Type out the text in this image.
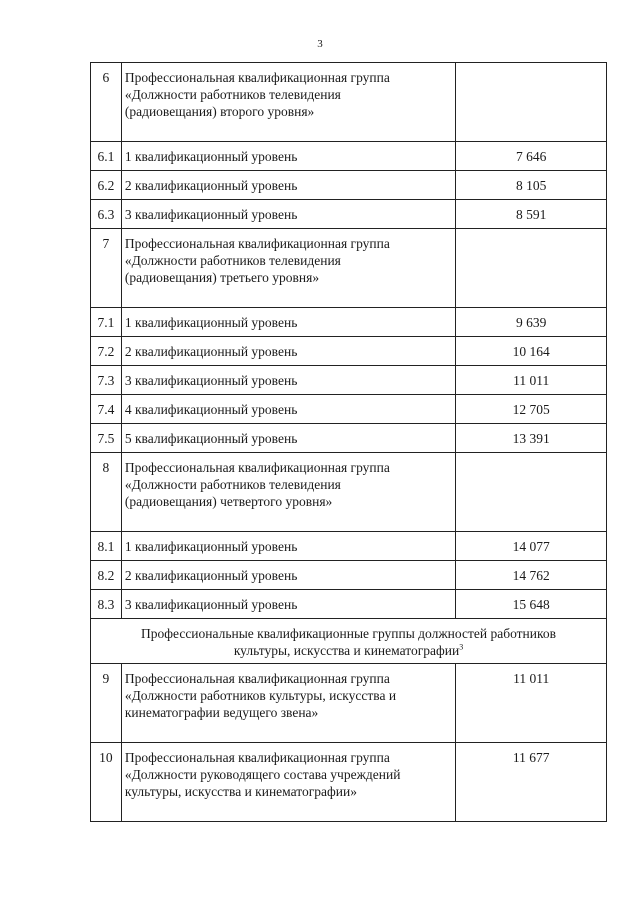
3
6	Профессиональная квалификационная группа
«Должности работников телевидения
(радиовещания) второго уровня»	

6.1	1 квалификационный уровень	7 646
6.2	2 квалификационный уровень	8 105
6.3	3 квалификационный уровень	8 591
7	Профессиональная квалификационная группа
«Должности работников телевидения
(радиовещания) третьего уровня»	

7.1	1 квалификационный уровень	9 639
7.2	2 квалификационный уровень	10 164
7.3	3 квалификационный уровень	11 011
7.4	4 квалификационный уровень	12 705
7.5	5 квалификационный уровень	13 391
8	Профессиональная квалификационная группа
«Должности работников телевидения
(радиовещания) четвертого уровня»	

8.1	1 квалификационный уровень	14 077
8.2	2 квалификационный уровень	14 762
8.3	3 квалификационный уровень	15 648

Профессиональные квалификационные группы должностей работников
культуры, искусства и кинематографии$^3$

9	Профессиональная квалификационная группа
«Должности работников культуры, искусства и
кинематографии ведущего звена»	11 011
10	Профессиональная квалификационная группа
«Должности руководящего состава учреждений
культуры, искусства и кинематографии»	11 677
